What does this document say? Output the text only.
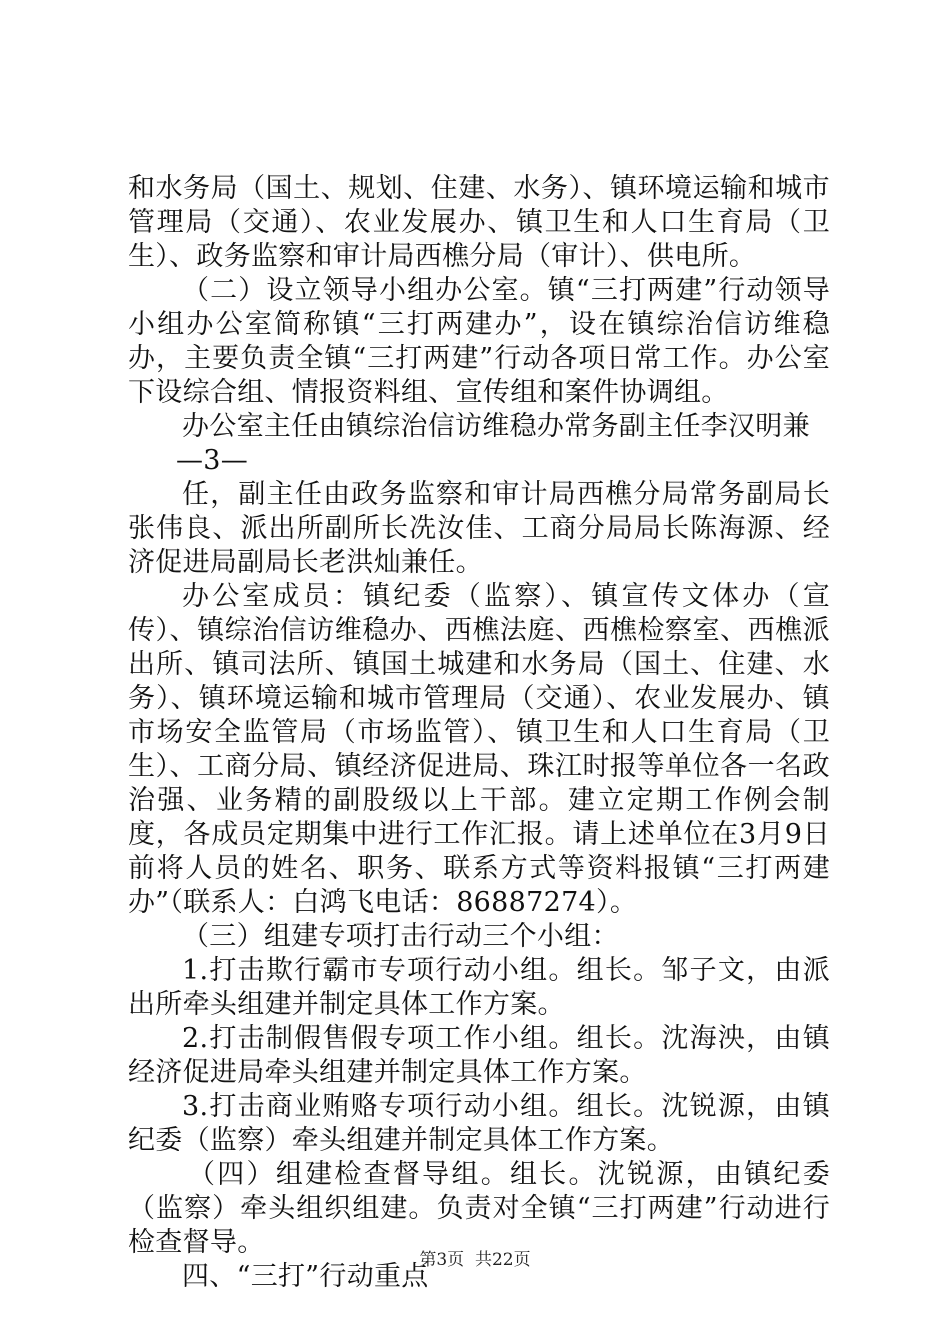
和水务局（国土、规划、住建、水务）、镇环境运输和城市管理局（交通）、农业发展办、镇卫生和人口生育局（卫生）、政务监察和审计局西樵分局（审计）、供电所。

（二）设立领导小组办公室。镇“三打两建”行动领导小组办公室简称镇“三打两建办”，设在镇综治信访维稳办，主要负责全镇“三打两建”行动各项日常工作。办公室下设综合组、情报资料组、宣传组和案件协调组。

办公室主任由镇综治信访维稳办常务副主任李汉明兼

—3—

任，副主任由政务监察和审计局西樵分局常务副局长张伟良、派出所副所长冼汝佳、工商分局局长陈海源、经济促进局副局长老洪灿兼任。

办公室成员：镇纪委（监察）、镇宣传文体办（宣传）、镇综治信访维稳办、西樵法庭、西樵检察室、西樵派出所、镇司法所、镇国土城建和水务局（国土、住建、水务）、镇环境运输和城市管理局（交通）、农业发展办、镇市场安全监管局（市场监管）、镇卫生和人口生育局（卫生）、工商分局、镇经济促进局、珠江时报等单位各一名政治强、业务精的副股级以上干部。建立定期工作例会制度，各成员定期集中进行工作汇报。请上述单位在3月9日前将人员的姓名、职务、联系方式等资料报镇“三打两建办”（联系人：白鸿飞电话：86887274）。

（三）组建专项打击行动三个小组：

1.打击欺行霸市专项行动小组。组长。邹子文，由派出所牵头组建并制定具体工作方案。

2.打击制假售假专项工作小组。组长。沈海泱，由镇经济促进局牵头组建并制定具体工作方案。

3.打击商业贿赂专项行动小组。组长。沈锐源，由镇纪委（监察）牵头组建并制定具体工作方案。

（四）组建检查督导组。组长。沈锐源，由镇纪委（监察）牵头组织组建。负责对全镇“三打两建”行动进行检查督导。

四、“三打”行动重点

第3页  共22页
